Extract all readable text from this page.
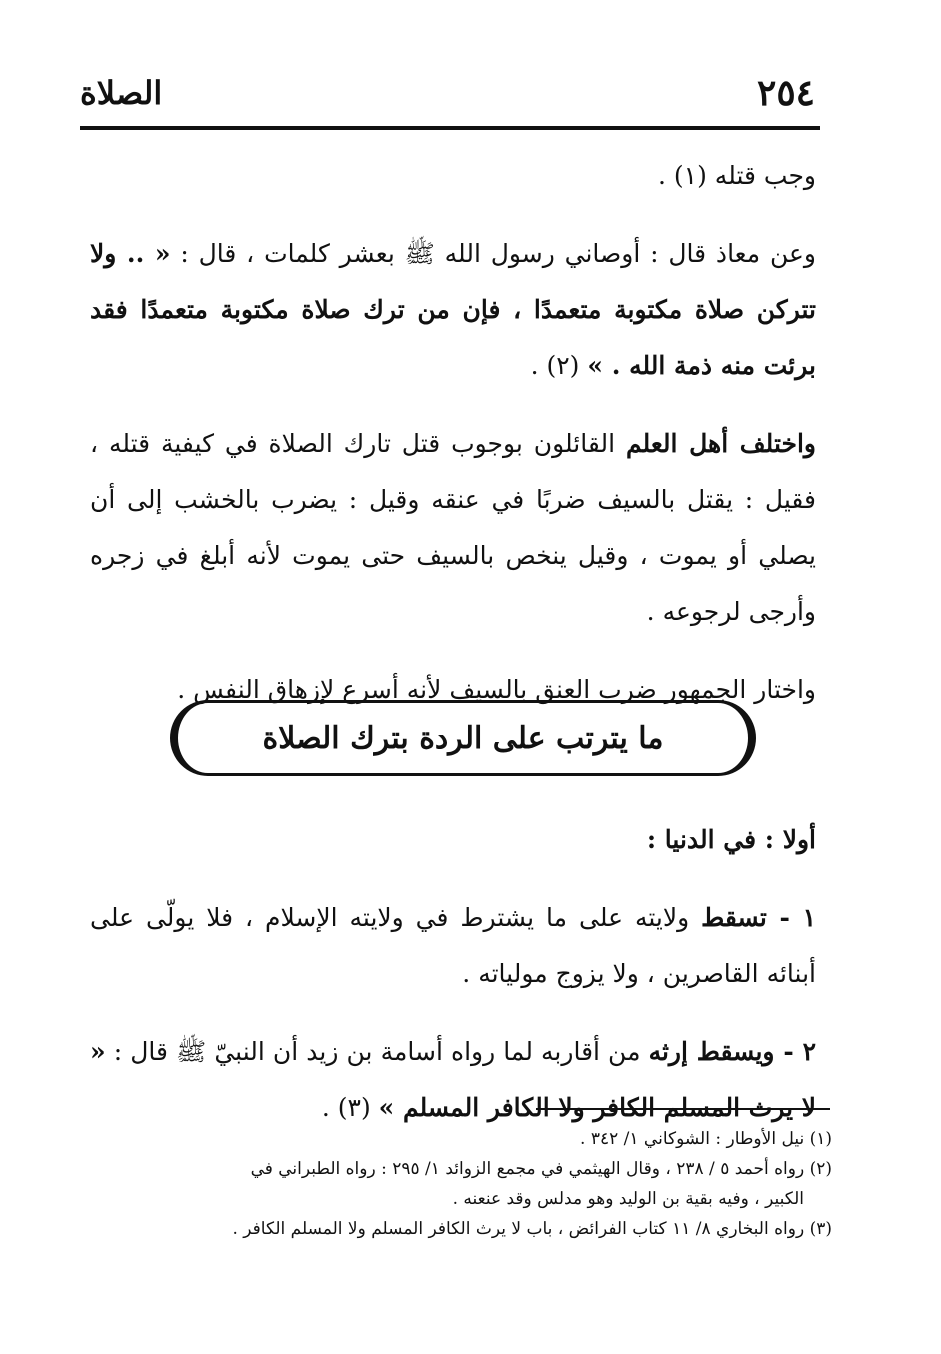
٢٥٤
الصلاة

وجب قتله (١) .

وعن معاذ قال : أوصاني رسول الله ﷺ بعشر كلمات ، قال : « .. ولا تتركن صلاة مكتوبة متعمدًا ، فإن من ترك صلاة مكتوبة متعمدًا فقد برئت منه ذمة الله . » (٢) .

واختلف أهل العلم القائلون بوجوب قتل تارك الصلاة في كيفية قتله ، فقيل : يقتل بالسيف ضربًا في عنقه وقيل : يضرب بالخشب إلى أن يصلي أو يموت ، وقيل ينخص بالسيف حتى يموت لأنه أبلغ في زجره وأرجى لرجوعه .

واختار الجمهور ضرب العنق بالسيف لأنه أسرع لإزهاق النفس .

ما يترتب على الردة بترك الصلاة

أولا : في الدنيا :

١ - تسقط ولايته على ما يشترط في ولايته الإسلام ، فلا يولّى على أبنائه القاصرين ، ولا يزوج مولياته .

٢ - ويسقط إرثه من أقاربه لما رواه أسامة بن زيد أن النبيّ ﷺ قال : « لا يرث المسلم الكافر ولا الكافر المسلم » (٣) .

(١) نيل الأوطار : الشوكاني ١/ ٣٤٢ .

(٢) رواه أحمد ٥ / ٢٣٨ ، وقال الهيثمي في مجمع الزوائد ١/ ٢٩٥ : رواه الطبراني في

الكبير ، وفيه بقية بن الوليد وهو مدلس وقد عنعنه .

(٣) رواه البخاري ٨/ ١١ كتاب الفرائض ، باب لا يرث الكافر المسلم ولا المسلم الكافر .
